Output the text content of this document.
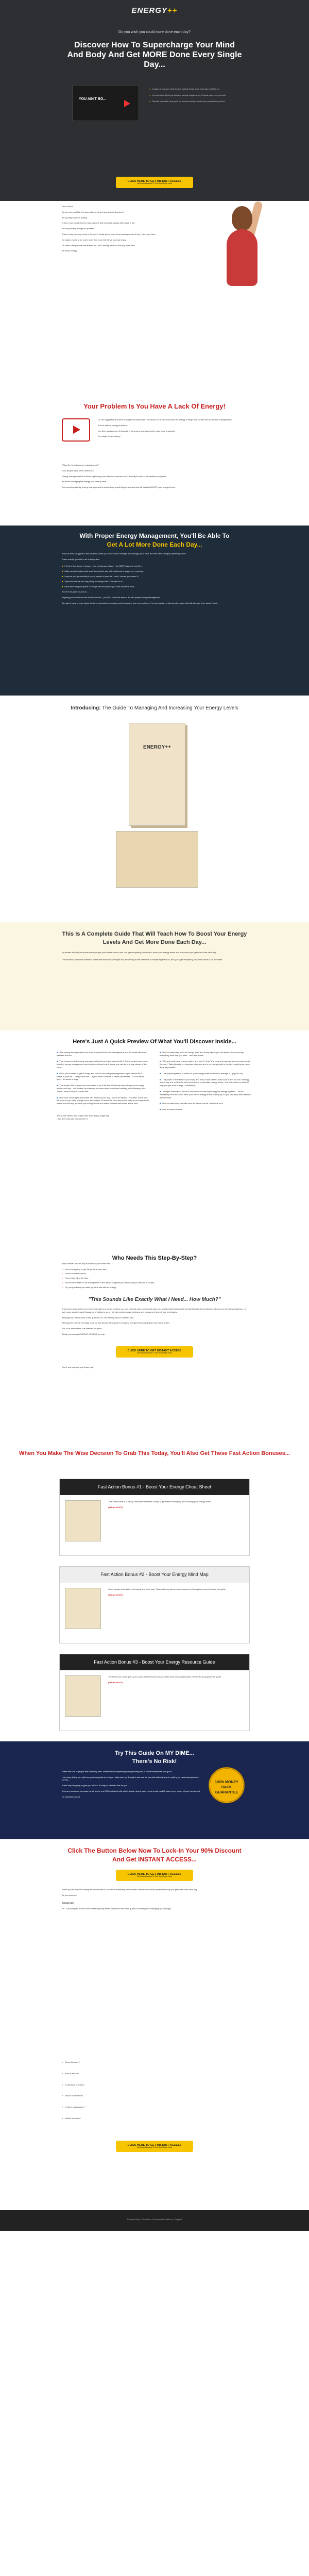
ENERGY++
Do you wish you could more done each day?
Discover How To Supercharge Your Mind And Body And Get MORE Done Every Single Day...
YOU AIN'T BO...
● Imagine if you were able to start getting things done each day in full force...
● You don't need to know tricks or special supplements to boost your energy levels.
● Results come fast, and you'll be shocked at how much more productive you feel.
CLICK HERE TO GET INSTANT ACCESS
Get Instant Access To This Book Right Now!

Dear Friend,

Do you ever feel like the day just went by and you got nothing done?

It's a pretty common feeling...

In fact, most people believe that a lack of time is what's holding them back in life.

You've probably thought so yourself...

There's only so many hours in the day. I would spend more time working on this if only I had more time...

Or maybe you long for some more time to do the things you truly enjoy.

I'm here to tell you that the answer you ARE looking for is not actually more time...

It's about energy.

Your Problem Is You Have A Lack Of Energy!

I'm not suggesting that time management skills aren't important, but if you don't have the energy to begin with, what's the use of time management?

It won't help at energy problems.

You time management is important, but energy management is even more important.

You might be wondering...

"What the heck is energy management?"

Most people have never heard of it.

Energy management is all about optimizing your days in a way that won't actually be able to accomplish your plans.

It's about managing the energy you already have.

And most importantly, energy management is about doing small things each day that will actually BOOST your energy levels.

With Proper Energy Management, You'll Be Able To
Get A Lot More Done Each Day...

If you've ever struggled to find the time, when you know how to manage your energy, you'll have the time AND energy to get things done.

That's exactly your life to be in things like:

■ Find the time to get in shape... and not just any shape... the BEST shape of your life...
■ Make an actual plan each week to meet the day with enhanced energy every morning...
■ Improve your productivity in every aspect of your life... work, chores, you name it...
■ Spend more time and stay doing the things that YOU want to do...
■ Have the energy to spend do things with the people you care about the most.

And the list goes on and on...

Anything you don't have the time to do now... you WILL have the time to do with proper energy management.

To make it easy to learn about the best methods for managing and increasing your energy levels, I've put together a step-by-step guide that will take you from start to finish.

Introducing: The Guide To Managing And Increasing Your Energy Levels
ENERGY++
This Is A Complete Guide That Will Teach How To Boost Your Energy Levels And Get More Done Each Day...

My stories will only work best when you get your hands on this now. You get everything you need to boost your energy levels and make sure you get more done each day.

I've decided a complete research all the time because a lifestyle and performing at the best level in everything that I do, and you'll get everything you need inside to do the same.

Here's Just A Quick Preview Of What You'll Discover Inside...
■ Why energy management is far more important than time management and the exact difference between the two.
■ The 4 sources of all energy management and how to get started with it. Some people have never heard of energy management and don't even know how it works; you can be one step ahead of the curve.
■ What you've failed to get in shape and how to use energy management to get into the BEST shape of your life... Today! How one... Again, when it comes to health and fitness... it's not about time... it's about energy.
■ The simple, little changes you can make to your life that will quickly supercharge your energy levels each day... You'll wake up refreshed, become more productive instantly, and ultimately be a "super" version of your current self.
■ How food, beverages and health can influence your day... know its impact... how little, of the time it'll seem in your daily energy levels, and maybe I'll reveal the ideal amount of sleep your unique body needs that will help improve your energy levels and make you feel well rested all the time.
■ How to easily stay up to full energy each and every day so you can tackle the day and get everything done that you want... and then some!
■ Why you can't have energy cycles, and how to "train" the body and manage your energy through the day... Taking breaks to recognize when you are in an energy cycle is the key to getting as much done as possible.
■ The surprising effect of stress on your energy levels and how to manage it... (top of it all).
■ The power of nutrients in your body, and how to take care to make sure it isn't run out of energy... simply say it to control the best foods to eat to stimulate energy levels... the instruction on what will help you get more energy... indefinitely!
■ A simple roadmap to follow so that you can start improving your energy right this... All the necessary tools and you'll have your overall energy levels looking up, so you can have more tasks in which before.
■ How to make sure you take care the whole picture, and in the end!
■ Plus a whole lot more...

This is the easiest way to get more done every single day...

...but don't just take my word for it.

Who Needs This Step-By-Step?

If you answer YES to any of the below, you need this...

✓ You're struggling to get things done each day.
✓ You're an entrepreneur.
✓ You're tired all of the time.
✓ You're never seem to be enough time in the day to complete your tasks and you feel out of control.
✓ Or, you just know you make up think and with no energy.
"This Sounds Like Exactly What I Need... How Much?"

If you were going to hire an energy management expert to show you how to boost your energy each day, you would easily find yourself invested hundreds of dollars to let you in on all of my teachings... In fact, many people invest thousands of dollars to go on retreats and personal seminars and programs to learn these techniques.

Although my normal price of this guide is $79, I'm offering this for a limited time.

Although the normal everyday price for this step-by-step guide to boosting energy levels and getting more done is $97...

But, for a limited time, I've slashed the price...

Today, you can get INSTANT ACCESS for only...

CLICK HERE TO GET INSTANT ACCESS
Get Instant Access To This Book Right Now!

And if you buy now, you'll also get...

When You Make The Wise Decision To Grab This Today, You'll Also Get These Fast Action Bonuses...
Fast Action Bonus #1 - Boost Your Energy Cheat Sheet
This cheat sheet is a handy checklist that makes it easy to get started managing and boosting your energy levels.
(Valued at $27)
Fast Action Bonus #2 - Boost Your Energy Mind Map
Some people learn better by looking at a mind map. This mind map gives you an overview of everything covered inside the guide.
(Valued at $17)
Fast Action Bonus #3 - Boost Your Energy Resource Guide
The Resource Guide gives you a quick list of resources to all of the resources and products mentioned throughout the guide.
(Valued at $17)
Try This Guide On MY DIME...
There's No Risk!

There are a lot of people that make big offer, sometimes in impressing ways probably just to make themselves look good.

I can keep telling you just how great my guide is, but you really won't go through it and see for yourself which is why I'm putting my personal guarantee on this...

That's why I'm going to give you a FULL 30 days to decide if this for you.

If for any reason or no reason at all, you're not 100% satisfied with what's inside, simply send me an email, and I'll issue every penny of your investment.

No questions asked.

100% MONEY BACK GUARANTEE
Click The Button Below Now To Lock-In Your 90% Discount And Get INSTANT ACCESS...
CLICK HERE TO GET INSTANT ACCESS
Get Instant Access To This Book Right Now!

Thank you so much for taking the time to take a look at this extremely limited offer! Feel free to add the potential to help you get more done each day.

To your success!

SIGNATURE

PS - I've compiled some of the most frequently asked questions about this guide to boosting and managing your energy...

● Does this work?
● Who is this for?
● Is this hard to follow?
● How is it delivered?
● Is there a guarantee?
● What's included?
CLICK HERE TO GET INSTANT ACCESS
Get Instant Access To This Book Right Now!
Privacy Policy | Disclaimer | Terms and Conditions | Support
